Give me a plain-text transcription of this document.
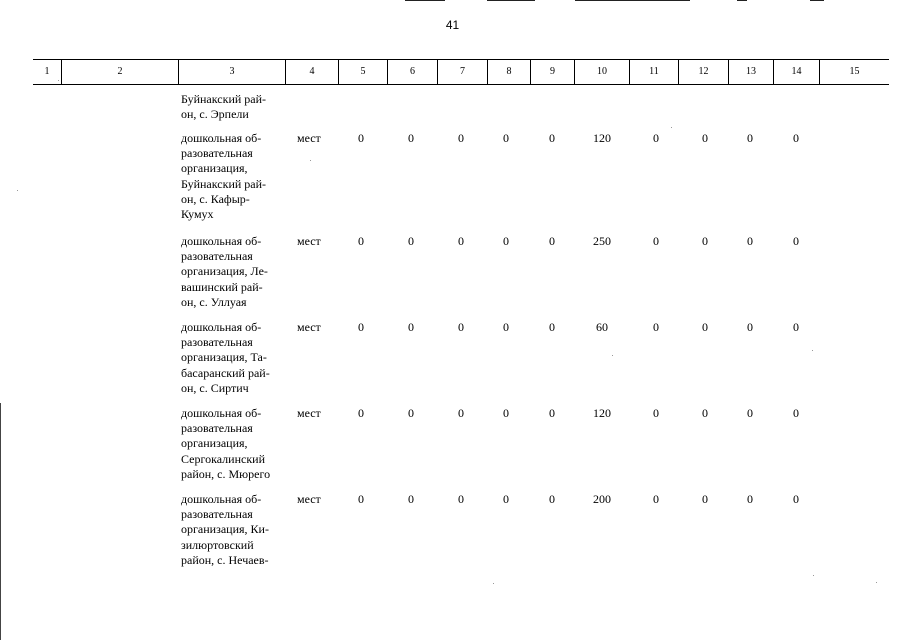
41
1	2	3	4	5	6	7	8	9	10	11	12	13	14	15
Буйнакский рай-
он, с. Эрпели
дошкольная об-
разовательная
организация,
Буйнакский рай-
он, с. Кафыр-
Кумух
мест	0	0	0	0	0	120	0	0	0	0
дошкольная об-
разовательная
организация, Ле-
вашинский рай-
он, с. Уллуая
мест	0	0	0	0	0	250	0	0	0	0
дошкольная об-
разовательная
организация, Та-
басаранский рай-
он, с. Сиртич
мест	0	0	0	0	0	60	0	0	0	0
дошкольная об-
разовательная
организация,
Сергокалинский
район, с. Мюрего
мест	0	0	0	0	0	120	0	0	0	0
дошкольная об-
разовательная
организация, Ки-
зилюртовский
район, с. Нечаев-
мест	0	0	0	0	0	200	0	0	0	0
